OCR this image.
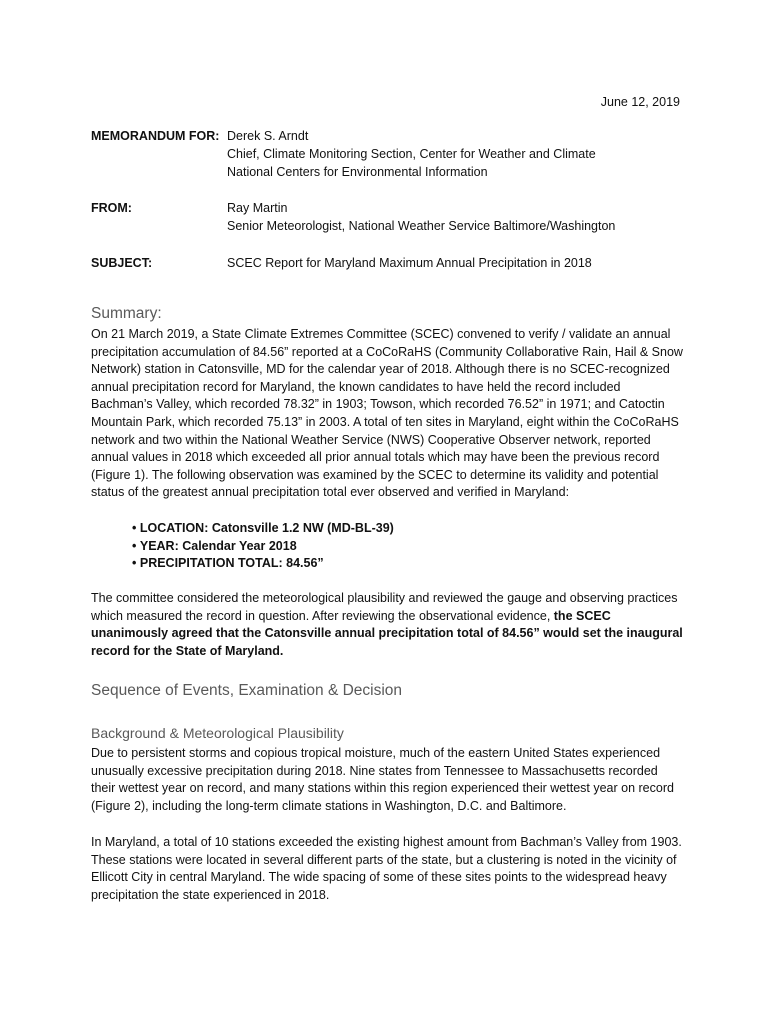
June 12, 2019
MEMORANDUM FOR: Derek S. Arndt
Chief, Climate Monitoring Section, Center for Weather and Climate
National Centers for Environmental Information
FROM:	Ray Martin
Senior Meteorologist, National Weather Service Baltimore/Washington
SUBJECT:	SCEC Report for Maryland Maximum Annual Precipitation in 2018
Summary:
On 21 March 2019, a State Climate Extremes Committee (SCEC) convened to verify / validate an annual precipitation accumulation of 84.56” reported at a CoCoRaHS (Community Collaborative Rain, Hail & Snow Network) station in Catonsville, MD for the calendar year of 2018. Although there is no SCEC-recognized annual precipitation record for Maryland, the known candidates to have held the record included Bachman’s Valley, which recorded 78.32” in 1903; Towson, which recorded 76.52” in 1971; and Catoctin Mountain Park, which recorded 75.13” in 2003. A total of ten sites in Maryland, eight within the CoCoRaHS network and two within the National Weather Service (NWS) Cooperative Observer network, reported annual values in 2018 which exceeded all prior annual totals which may have been the previous record (Figure 1). The following observation was examined by the SCEC to determine its validity and potential status of the greatest annual precipitation total ever observed and verified in Maryland:
• LOCATION: Catonsville 1.2 NW (MD-BL-39)
• YEAR: Calendar Year 2018
• PRECIPITATION TOTAL: 84.56”
The committee considered the meteorological plausibility and reviewed the gauge and observing practices which measured the record in question. After reviewing the observational evidence, the SCEC unanimously agreed that the Catonsville annual precipitation total of 84.56” would set the inaugural record for the State of Maryland.
Sequence of Events, Examination & Decision
Background & Meteorological Plausibility
Due to persistent storms and copious tropical moisture, much of the eastern United States experienced unusually excessive precipitation during 2018. Nine states from Tennessee to Massachusetts recorded their wettest year on record, and many stations within this region experienced their wettest year on record (Figure 2), including the long-term climate stations in Washington, D.C. and Baltimore.
In Maryland, a total of 10 stations exceeded the existing highest amount from Bachman’s Valley from 1903. These stations were located in several different parts of the state, but a clustering is noted in the vicinity of Ellicott City in central Maryland. The wide spacing of some of these sites points to the widespread heavy precipitation the state experienced in 2018.
